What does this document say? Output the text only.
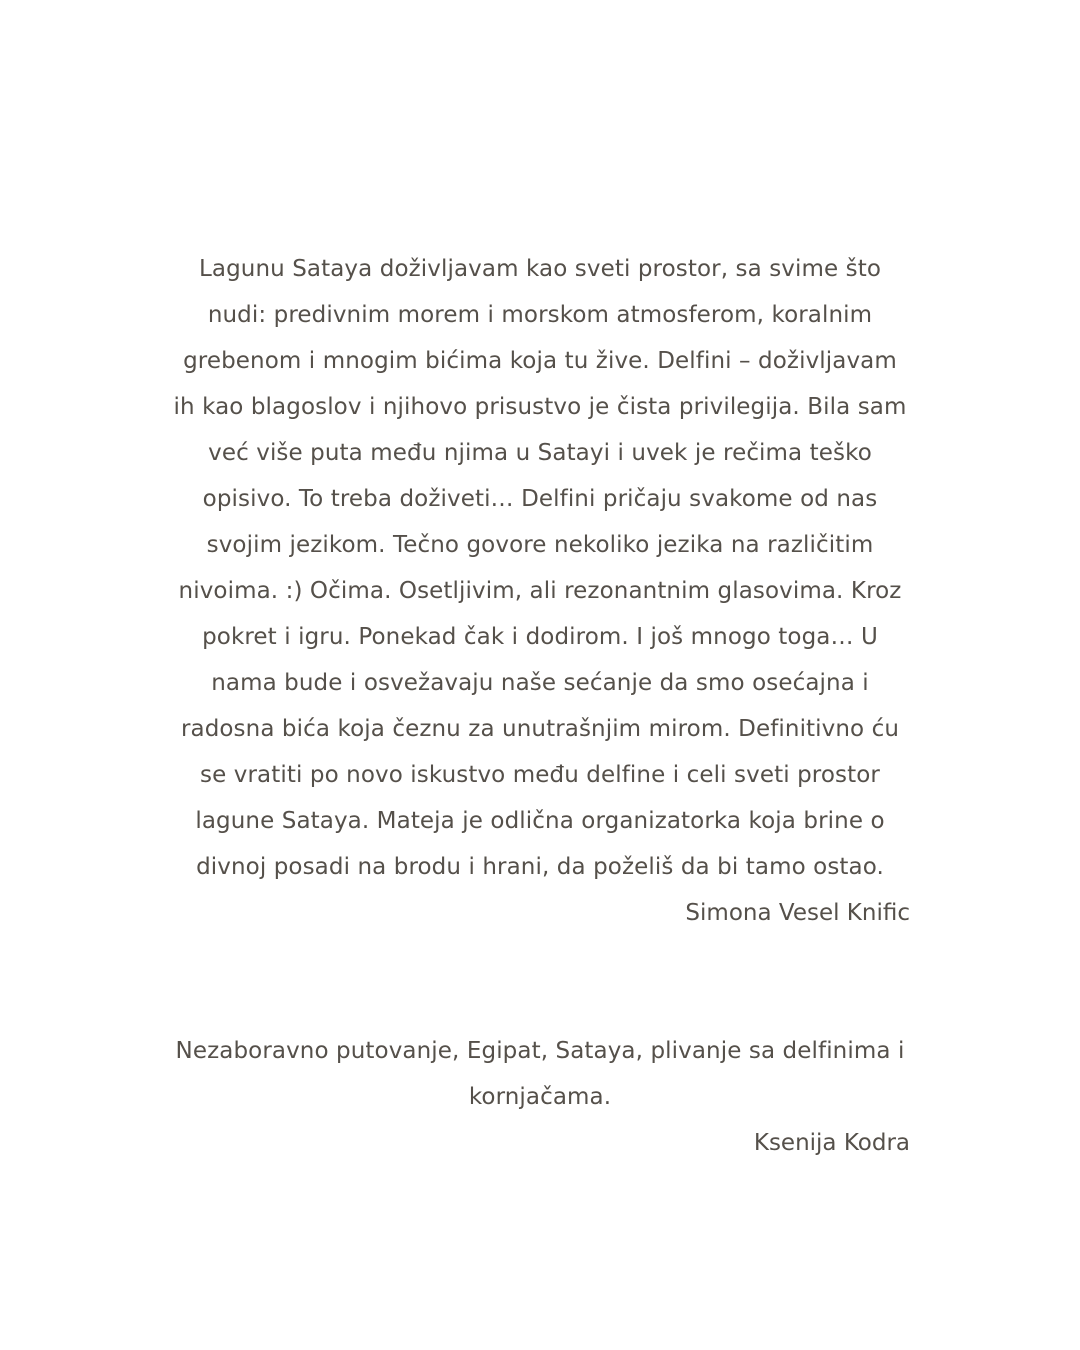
Lagunu Sataya doživljavam kao sveti prostor, sa svime što nudi: predivnim morem i morskom atmosferom, koralnim grebenom i mnogim bićima koja tu žive. Delfini – doživljavam ih kao blagoslov i njihovo prisustvo je čista privilegija. Bila sam već više puta među njima u Satayi i uvek je rečima teško opisivo. To treba doživeti… Delfini pričaju svakome od nas svojim jezikom. Tečno govore nekoliko jezika na različitim nivoima. :) Očima. Osetljivim, ali rezonantnim glasovima. Kroz pokret i igru. Ponekad čak i dodirom. I još mnogo toga… U nama bude i osvežavaju naše sećanje da smo osećajna i radosna bića koja čeznu za unutrašnjim mirom. Definitivno ću se vratiti po novo iskustvo među delfine i celi sveti prostor lagune Sataya. Mateja je odlična organizatorka koja brine o divnoj posadi na brodu i hrani, da poželiš da bi tamo ostao.

Simona Vesel Knific

Nezaboravno putovanje, Egipat, Sataya, plivanje sa delfinima i kornjačama.

Ksenija Kodra
